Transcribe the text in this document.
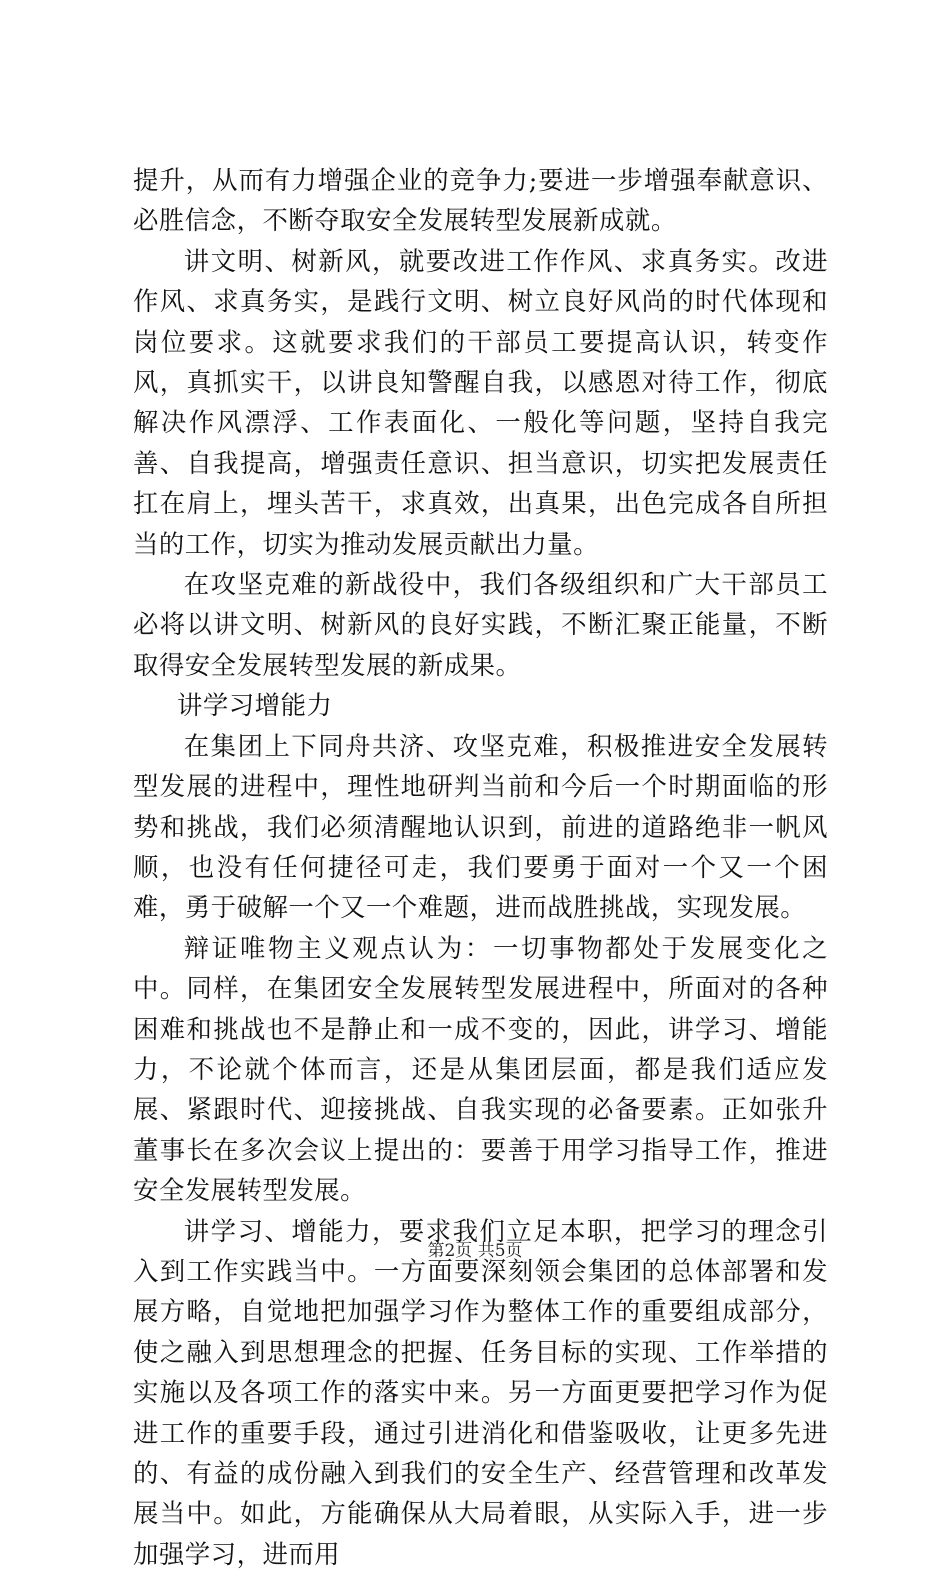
提升，从而有力增强企业的竞争力;要进一步增强奉献意识、必胜信念，不断夺取安全发展转型发展新成就。

讲文明、树新风，就要改进工作作风、求真务实。改进作风、求真务实，是践行文明、树立良好风尚的时代体现和岗位要求。这就要求我们的干部员工要提高认识，转变作风，真抓实干，以讲良知警醒自我，以感恩对待工作，彻底解决作风漂浮、工作表面化、一般化等问题，坚持自我完善、自我提高，增强责任意识、担当意识，切实把发展责任扛在肩上，埋头苦干，求真效，出真果，出色完成各自所担当的工作，切实为推动发展贡献出力量。

在攻坚克难的新战役中，我们各级组织和广大干部员工必将以讲文明、树新风的良好实践，不断汇聚正能量，不断取得安全发展转型发展的新成果。

讲学习增能力

在集团上下同舟共济、攻坚克难，积极推进安全发展转型发展的进程中，理性地研判当前和今后一个时期面临的形势和挑战，我们必须清醒地认识到，前进的道路绝非一帆风顺，也没有任何捷径可走，我们要勇于面对一个又一个困难，勇于破解一个又一个难题，进而战胜挑战，实现发展。

辩证唯物主义观点认为：一切事物都处于发展变化之中。同样，在集团安全发展转型发展进程中，所面对的各种困难和挑战也不是静止和一成不变的，因此，讲学习、增能力，不论就个体而言，还是从集团层面，都是我们适应发展、紧跟时代、迎接挑战、自我实现的必备要素。正如张升董事长在多次会议上提出的：要善于用学习指导工作，推进安全发展转型发展。

讲学习、增能力，要求我们立足本职，把学习的理念引入到工作实践当中。一方面要深刻领会集团的总体部署和发展方略，自觉地把加强学习作为整体工作的重要组成部分，使之融入到思想理念的把握、任务目标的实现、工作举措的实施以及各项工作的落实中来。另一方面更要把学习作为促进工作的重要手段，通过引进消化和借鉴吸收，让更多先进的、有益的成份融入到我们的安全生产、经营管理和改革发展当中。如此，方能确保从大局着眼，从实际入手，进一步加强学习，进而用

第2页 共5页
